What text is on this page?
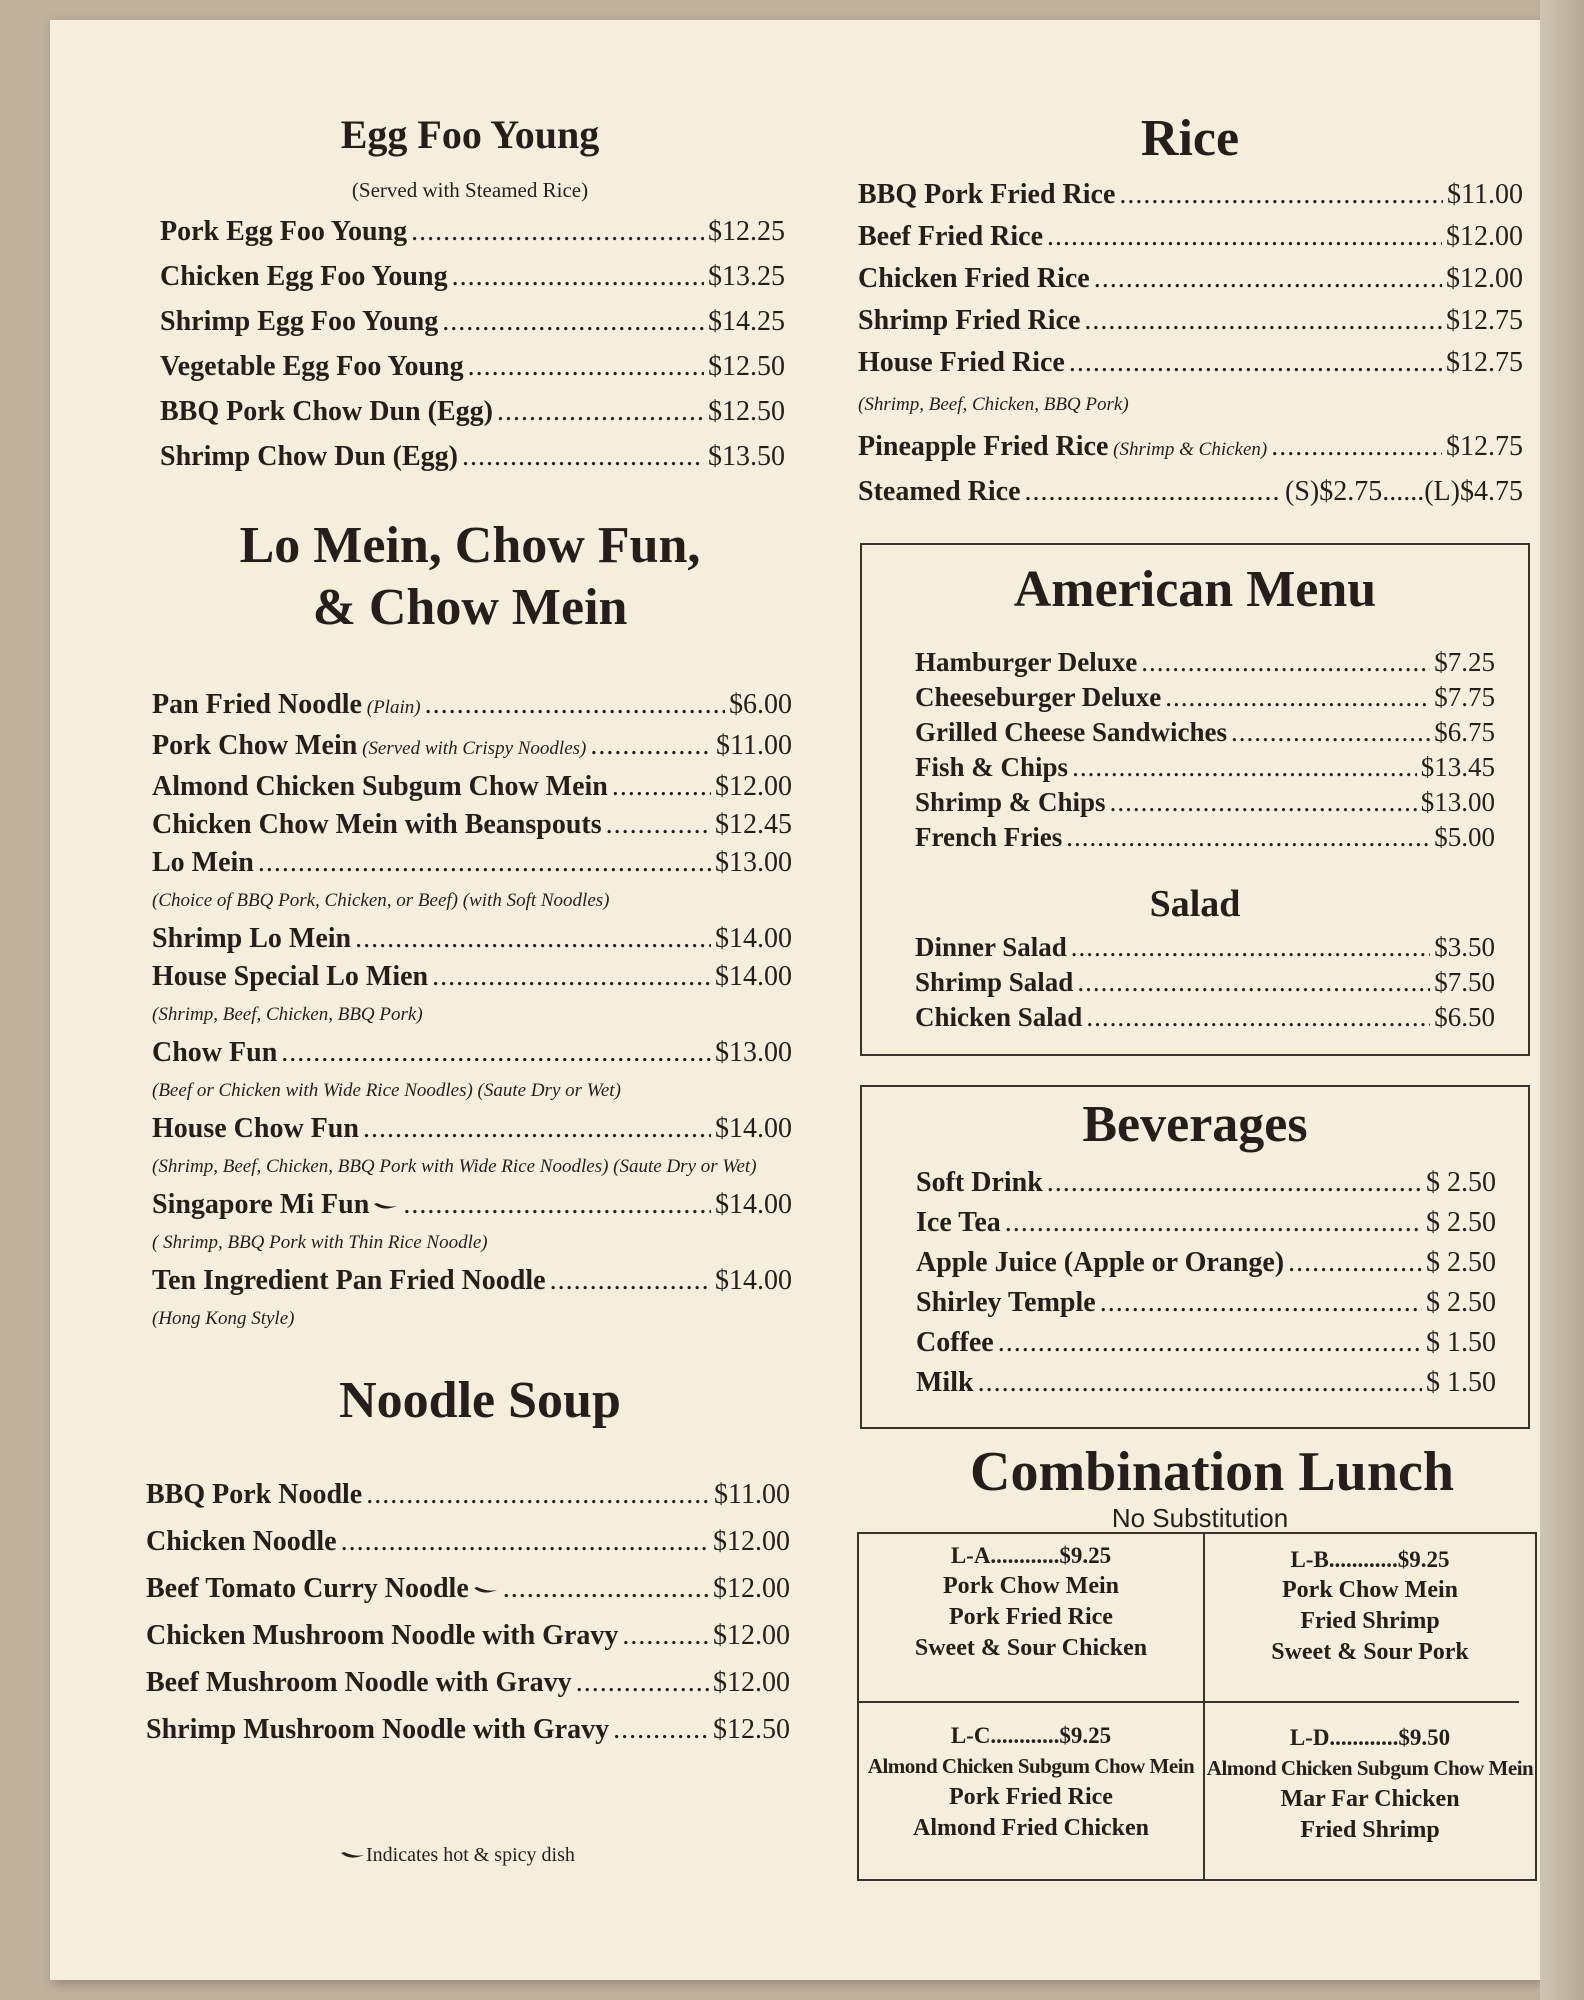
Egg Foo Young
(Served with Steamed Rice)
Pork Egg Foo Young .....	$12.25
Chicken Egg Foo Young .....	$13.25
Shrimp Egg Foo Young .....	$14.25
Vegetable Egg Foo Young .....	$12.50
BBQ Pork Chow Dun (Egg) .....	$12.50
Shrimp Chow Dun (Egg) .....	$13.50
Lo Mein, Chow Fun,
& Chow Mein
Pan Fried Noodle (Plain) .....	$6.00
Pork Chow Mein (Served with Crispy Noodles) .....	$11.00
Almond Chicken Subgum Chow Mein .....	$12.00
Chicken Chow Mein with Beanspouts .....	$12.45
Lo Mein .....	$13.00
(Choice of BBQ Pork, Chicken, or Beef) (with Soft Noodles)
Shrimp Lo Mein .....	$14.00
House Special Lo Mien .....	$14.00
(Shrimp, Beef, Chicken, BBQ Pork)
Chow Fun .....	$13.00
(Beef or Chicken with Wide Rice Noodles) (Saute Dry or Wet)
House Chow Fun .....	$14.00
(Shrimp, Beef, Chicken, BBQ Pork with Wide Rice Noodles) (Saute Dry or Wet)
Singapore Mi Fun .....	$14.00
( Shrimp, BBQ Pork with Thin Rice Noodle)
Ten Ingredient Pan Fried Noodle .....	$14.00
(Hong Kong Style)
Noodle Soup
BBQ Pork Noodle .....	$11.00
Chicken Noodle .....	$12.00
Beef Tomato Curry Noodle .....	$12.00
Chicken Mushroom Noodle with Gravy .....	$12.00
Beef Mushroom Noodle with Gravy .....	$12.00
Shrimp Mushroom Noodle with Gravy .....	$12.50
Indicates hot & spicy dish
Rice
BBQ Pork Fried Rice .....	$11.00
Beef Fried Rice .....	$12.00
Chicken Fried Rice .....	$12.00
Shrimp Fried Rice .....	$12.75
House Fried Rice .....	$12.75
(Shrimp, Beef, Chicken, BBQ Pork)
Pineapple Fried Rice (Shrimp & Chicken) .....	$12.75
Steamed Rice .....	(S)$2.75......(L)$4.75
American Menu
Hamburger Deluxe .....	$7.25
Cheeseburger Deluxe .....	$7.75
Grilled Cheese Sandwiches .....	$6.75
Fish & Chips .....	$13.45
Shrimp & Chips .....	$13.00
French Fries .....	$5.00
Salad
Dinner Salad .....	$3.50
Shrimp Salad .....	$7.50
Chicken Salad .....	$6.50
Beverages
Soft Drink .....	$ 2.50
Ice Tea .....	$ 2.50
Apple Juice (Apple or Orange) .....	$ 2.50
Shirley Temple .....	$ 2.50
Coffee .....	$ 1.50
Milk .....	$ 1.50
Combination Lunch
No Substitution
L-A............$9.25
Pork Chow Mein
Pork Fried Rice
Sweet & Sour Chicken
L-B............$9.25
Pork Chow Mein
Fried Shrimp
Sweet & Sour Pork
L-C............$9.25
Almond Chicken Subgum Chow Mein
Pork Fried Rice
Almond Fried Chicken
L-D............$9.50
Almond Chicken Subgum Chow Mein
Mar Far Chicken
Fried Shrimp
